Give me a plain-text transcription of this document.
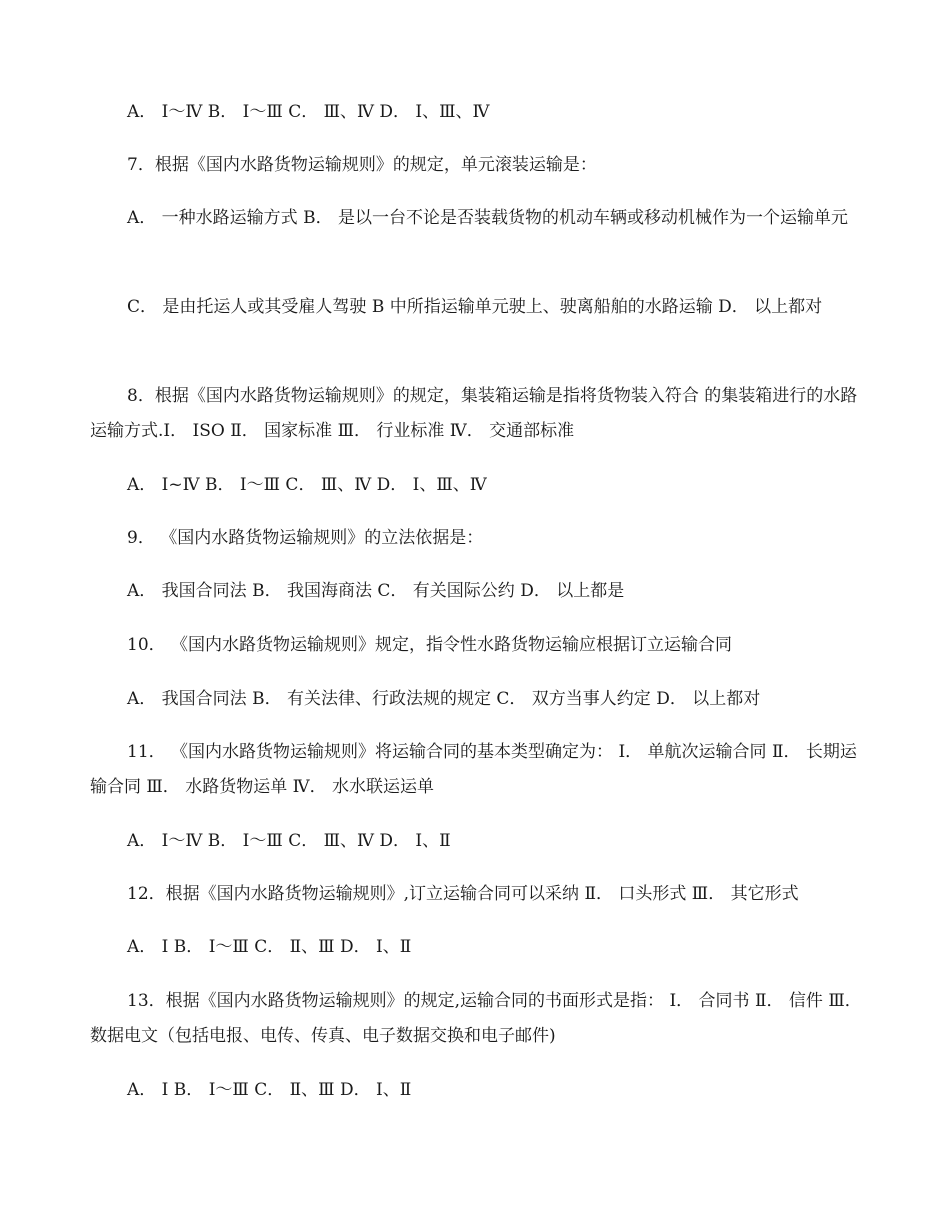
A． Ⅰ～Ⅳ B． Ⅰ～Ⅲ C． Ⅲ、Ⅳ D． Ⅰ、Ⅲ、Ⅳ

7．根据《国内水路货物运输规则》的规定，单元滚装运输是：

A． 一种水路运输方式 B． 是以一台不论是否装载货物的机动车辆或移动机械作为一个运输单元

C． 是由托运人或其受雇人驾驶 B 中所指运输单元驶上、驶离船舶的水路运输 D． 以上都对

8．根据《国内水路货物运输规则》的规定，集装箱运输是指将货物装入符合 的集装箱进行的水路运输方式.I． ISO Ⅱ． 国家标准 Ⅲ． 行业标准 Ⅳ． 交通部标准

A． Ⅰ~Ⅳ B． Ⅰ～Ⅲ C． Ⅲ、Ⅳ D． Ⅰ、Ⅲ、Ⅳ

9． 《国内水路货物运输规则》的立法依据是：

A． 我国合同法 B． 我国海商法 C． 有关国际公约 D． 以上都是

10． 《国内水路货物运输规则》规定，指令性水路货物运输应根据订立运输合同

A． 我国合同法 B． 有关法律、行政法规的规定 C． 双方当事人约定 D． 以上都对

11． 《国内水路货物运输规则》将运输合同的基本类型确定为： Ⅰ． 单航次运输合同 Ⅱ． 长期运输合同 Ⅲ． 水路货物运单 Ⅳ． 水水联运运单

A． Ⅰ～Ⅳ B． Ⅰ～Ⅲ C． Ⅲ、Ⅳ D． Ⅰ、Ⅱ

12．根据《国内水路货物运输规则》,订立运输合同可以采纳 Ⅱ． 口头形式 Ⅲ． 其它形式

A． Ⅰ B． Ⅰ～Ⅲ C． Ⅱ、Ⅲ D． Ⅰ、Ⅱ

13．根据《国内水路货物运输规则》的规定,运输合同的书面形式是指： Ⅰ． 合同书 Ⅱ． 信件 Ⅲ． 数据电文（包括电报、电传、传真、电子数据交换和电子邮件)

A． Ⅰ B． Ⅰ～Ⅲ C． Ⅱ、Ⅲ D． Ⅰ、Ⅱ
